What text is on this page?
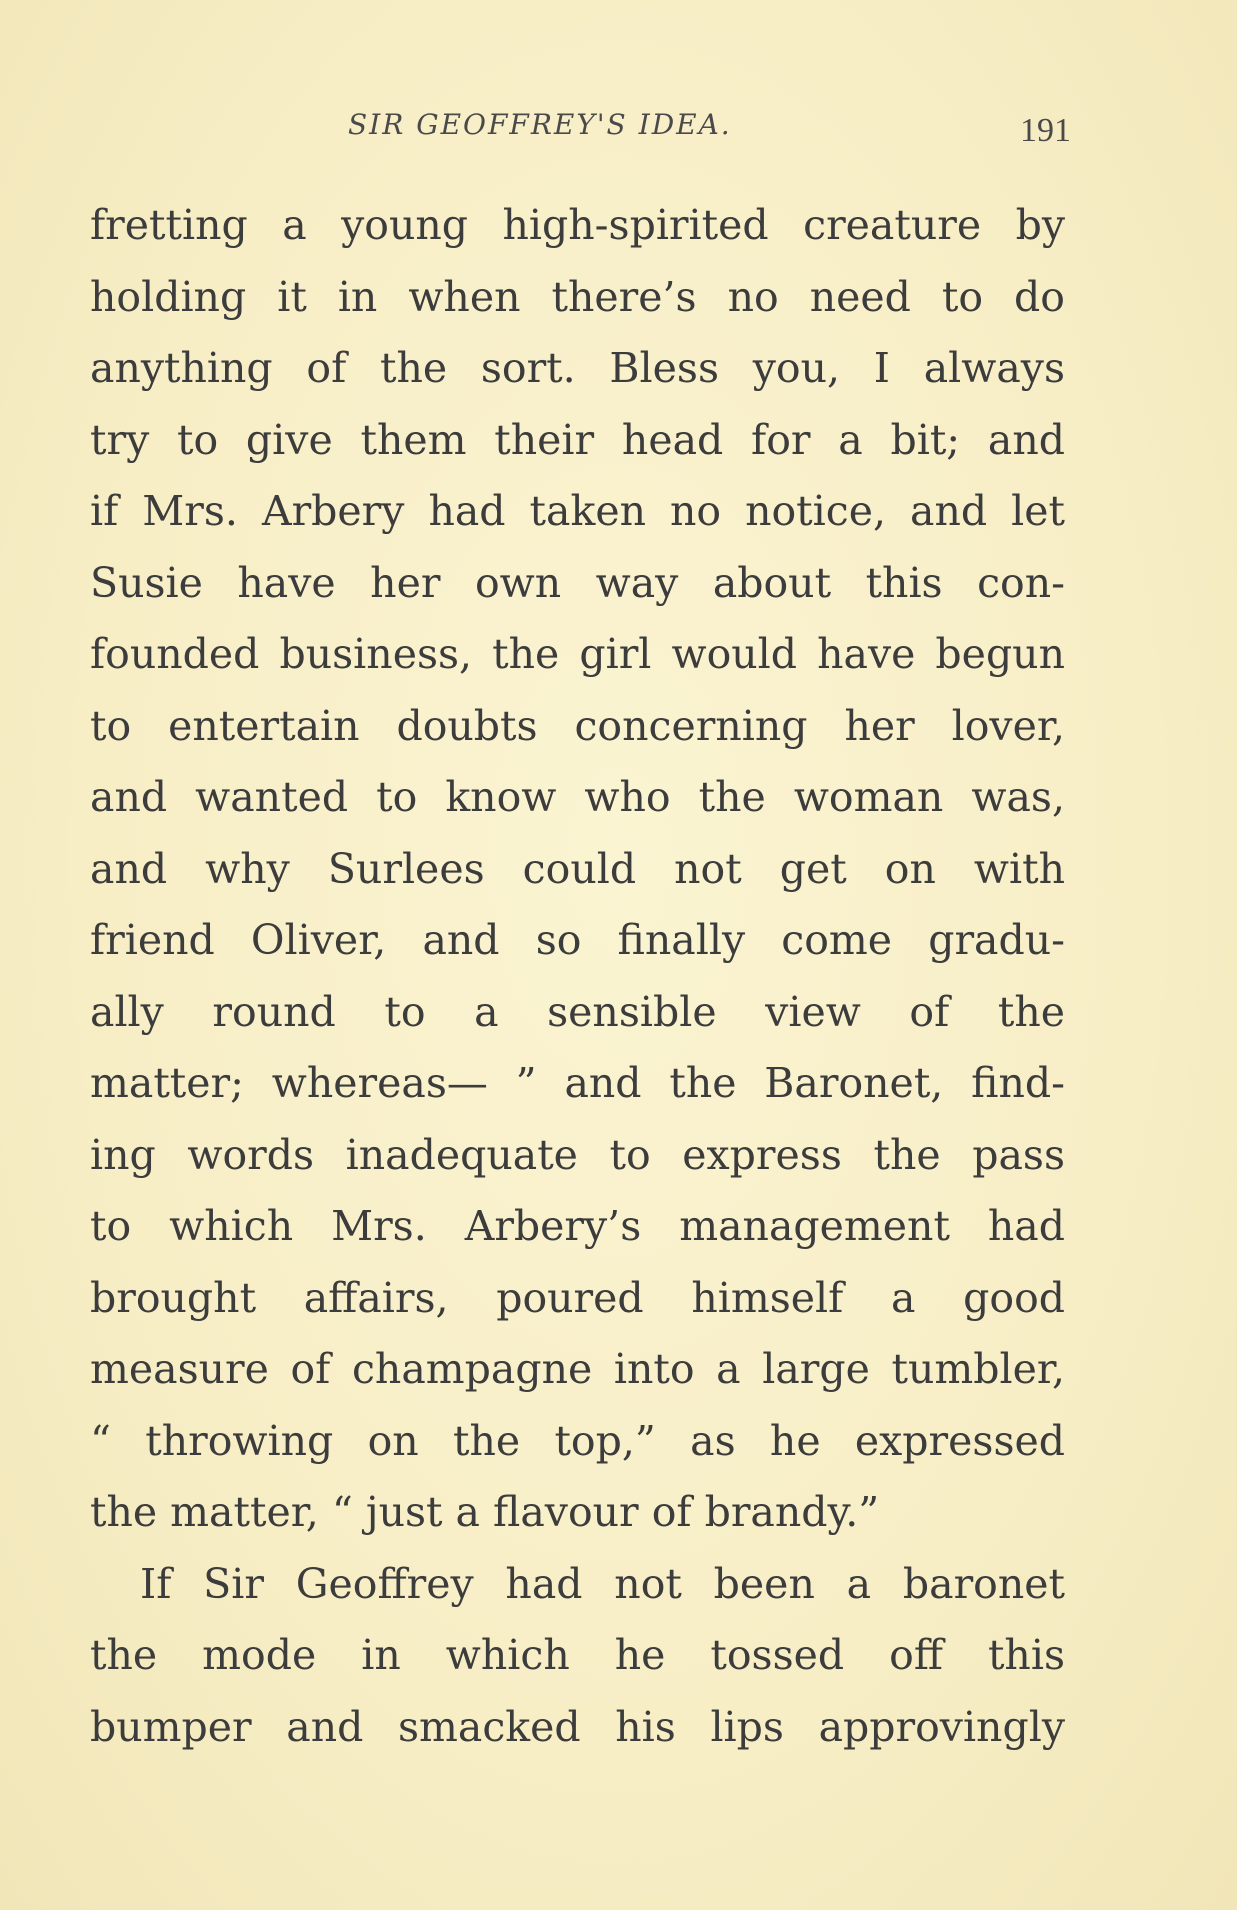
SIR GEOFFREY'S IDEA.	191
fretting a young high-spirited creature by
holding it in when there’s no need to do
anything of the sort. Bless you, I always
try to give them their head for a bit; and
if Mrs. Arbery had taken no notice, and let
Susie have her own way about this con-
founded business, the girl would have begun
to entertain doubts concerning her lover,
and wanted to know who the woman was,
and why Surlees could not get on with
friend Oliver, and so finally come gradu-
ally round to a sensible view of the
matter; whereas— ” and the Baronet, find-
ing words inadequate to express the pass
to which Mrs. Arbery’s management had
brought affairs, poured himself a good
measure of champagne into a large tumbler,
“ throwing on the top,” as he expressed
the matter, “ just a flavour of brandy.”
If Sir Geoffrey had not been a baronet
the mode in which he tossed off this
bumper and smacked his lips approvingly
